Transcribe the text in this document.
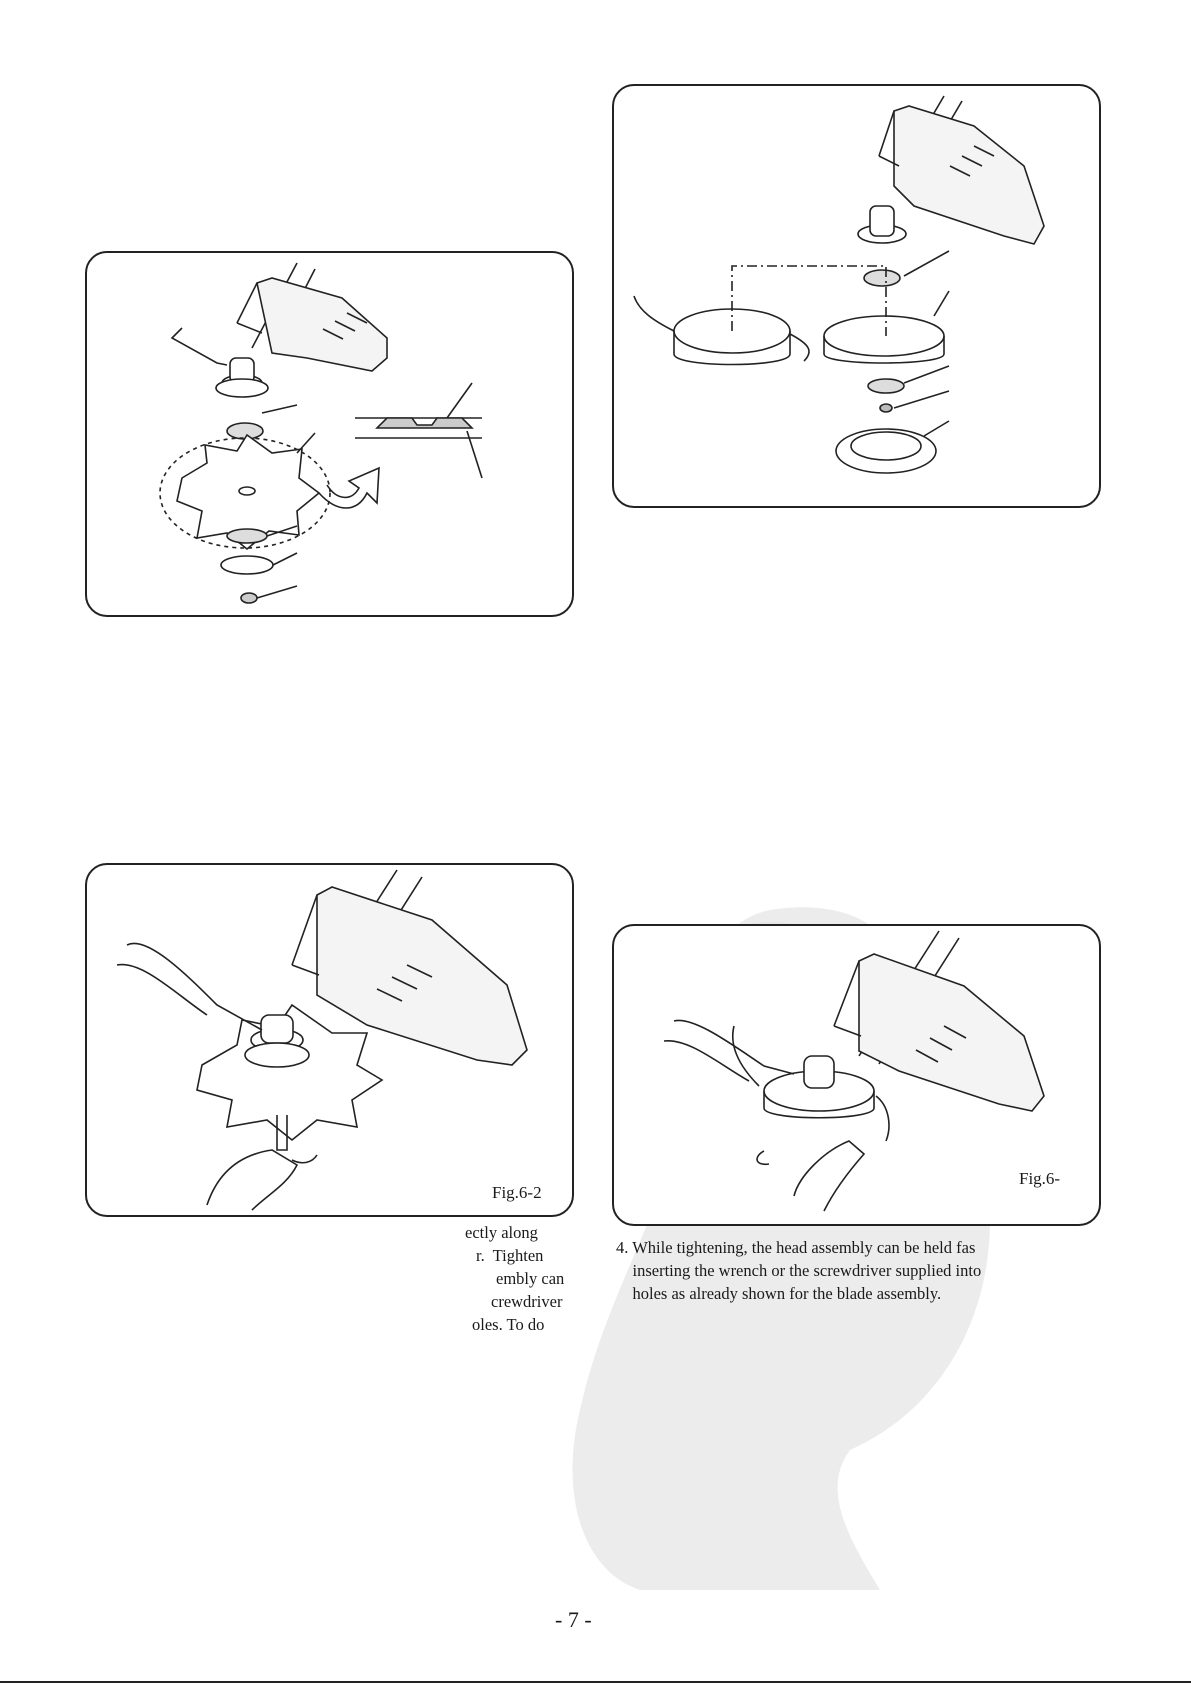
Fig.6-2
Fig.6-
ectly along
r.  Tighten
embly can
crewdriver
oles. To do
4. While tightening, the head assembly can be held fas
inserting the wrench or the screwdriver supplied into
holes as already shown for the blade assembly.
- 7 -
